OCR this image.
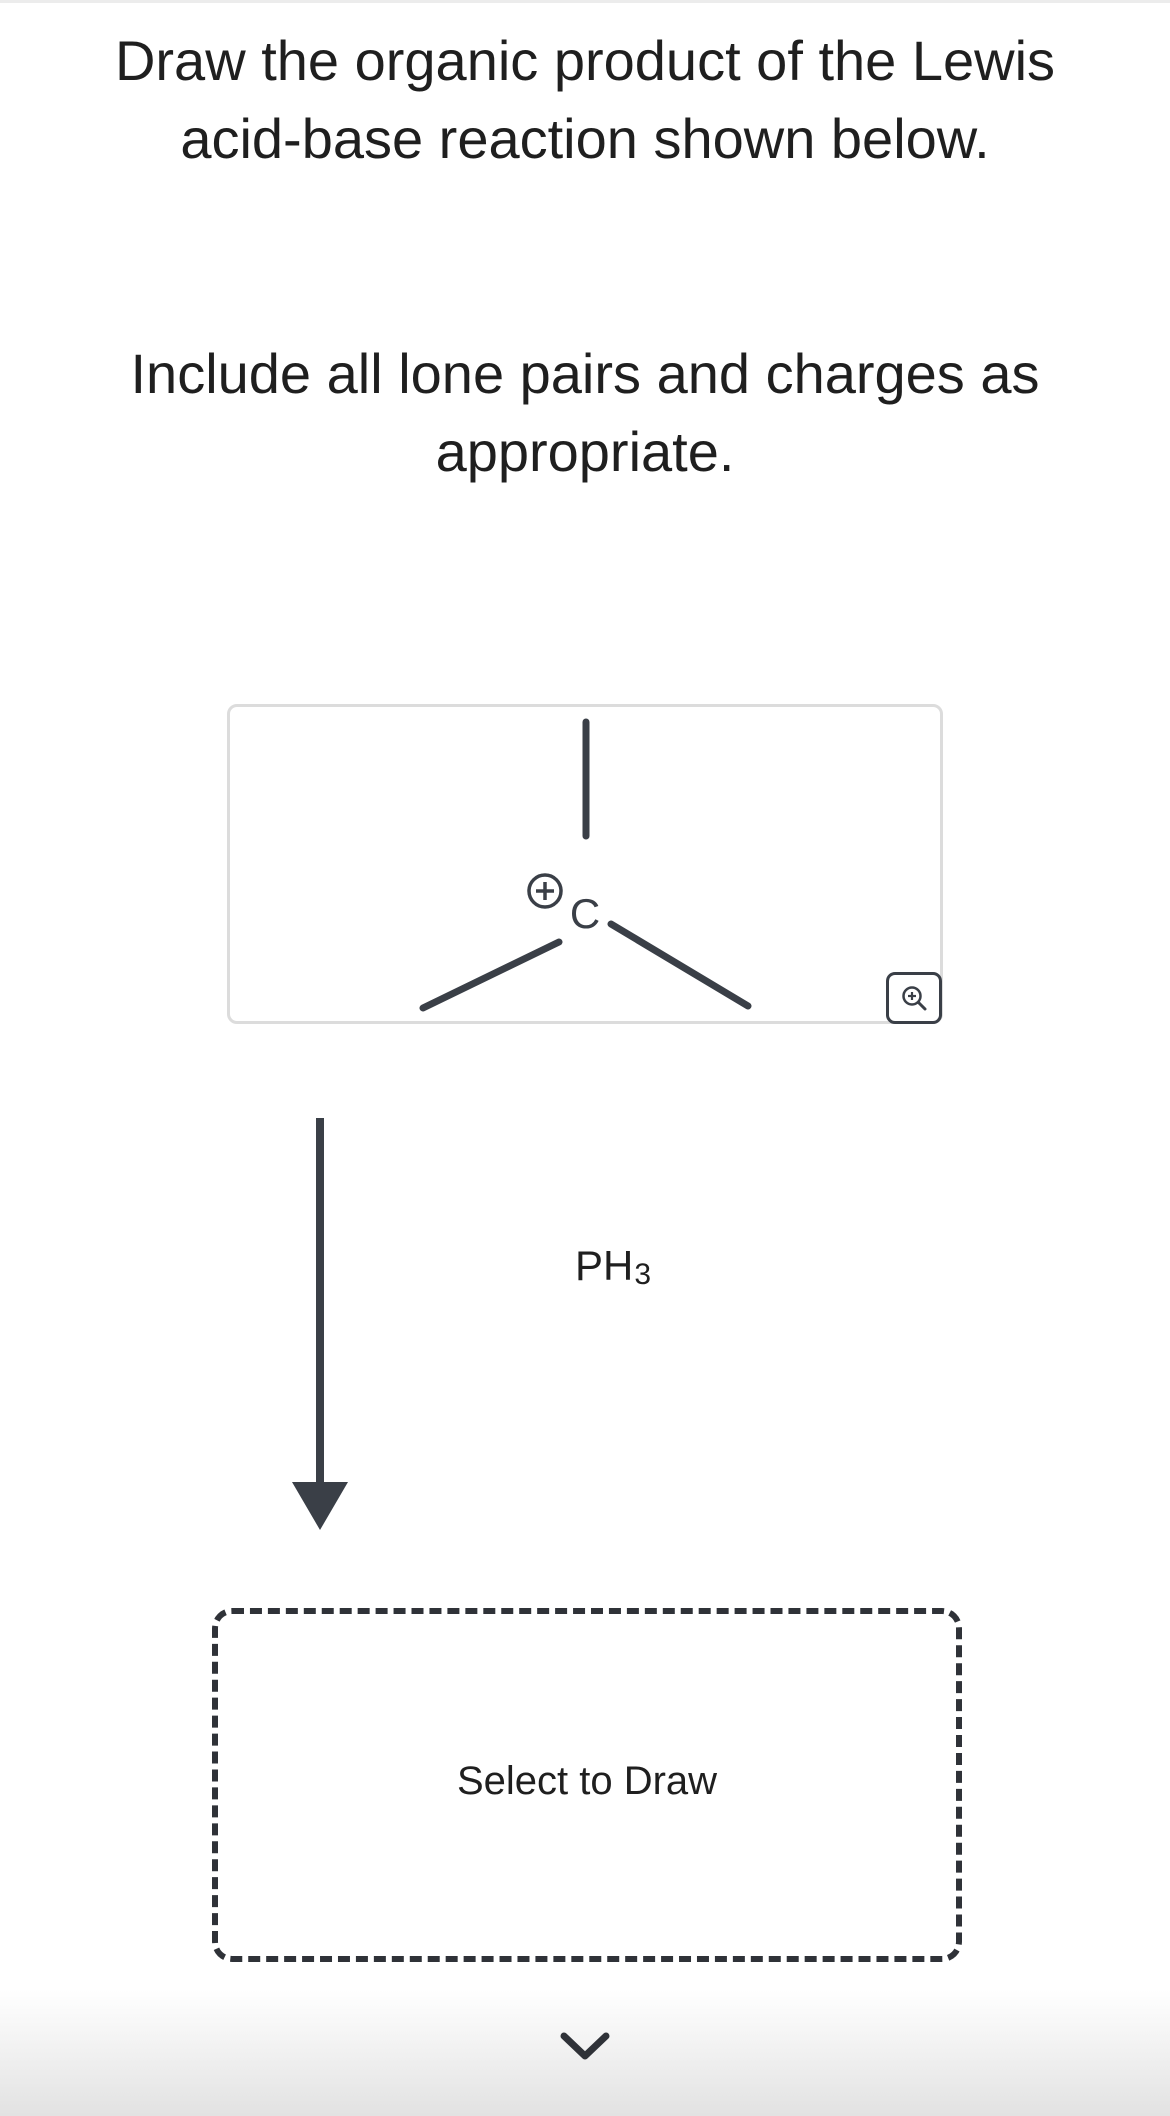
Draw the organic product of the Lewis acid-base reaction shown below.
Include all lone pairs and charges as appropriate.
C
$PH_3$
Select to Draw
